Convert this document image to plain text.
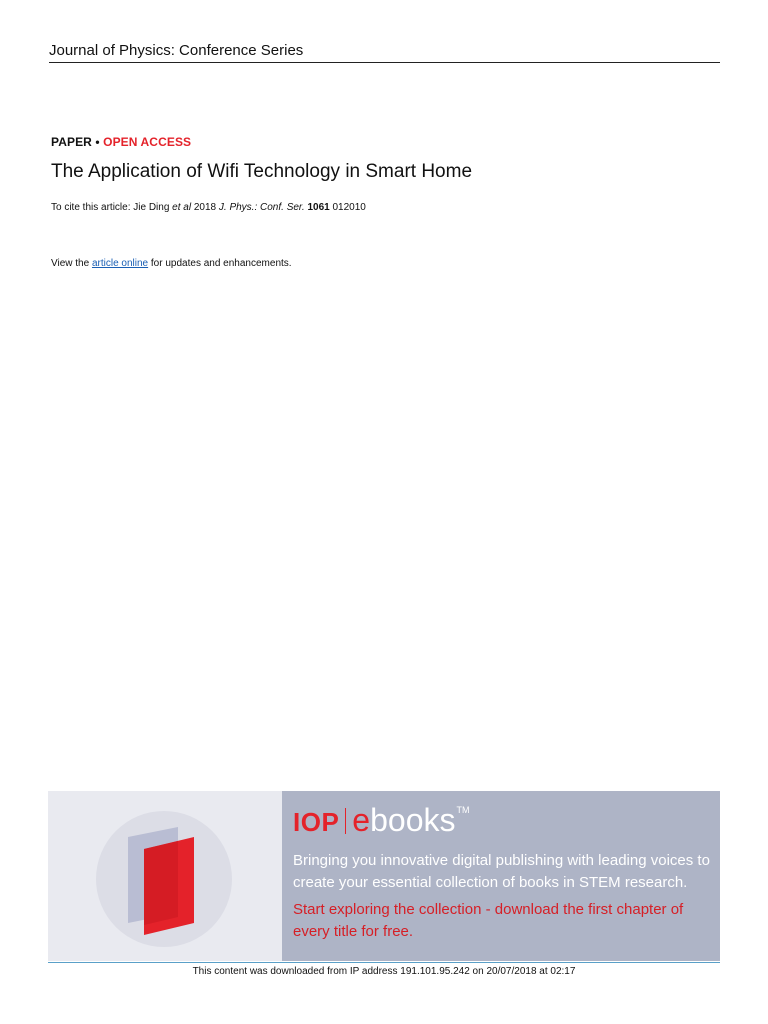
Journal of Physics: Conference Series
PAPER • OPEN ACCESS
The Application of Wifi Technology in Smart Home
To cite this article: Jie Ding et al 2018 J. Phys.: Conf. Ser. 1061 012010
View the article online for updates and enhancements.
IOP e books TM

Bringing you innovative digital publishing with leading voices to create your essential collection of books in STEM research.

Start exploring the collection - download the first chapter of every title for free.

This content was downloaded from IP address 191.101.95.242 on 20/07/2018 at 02:17
